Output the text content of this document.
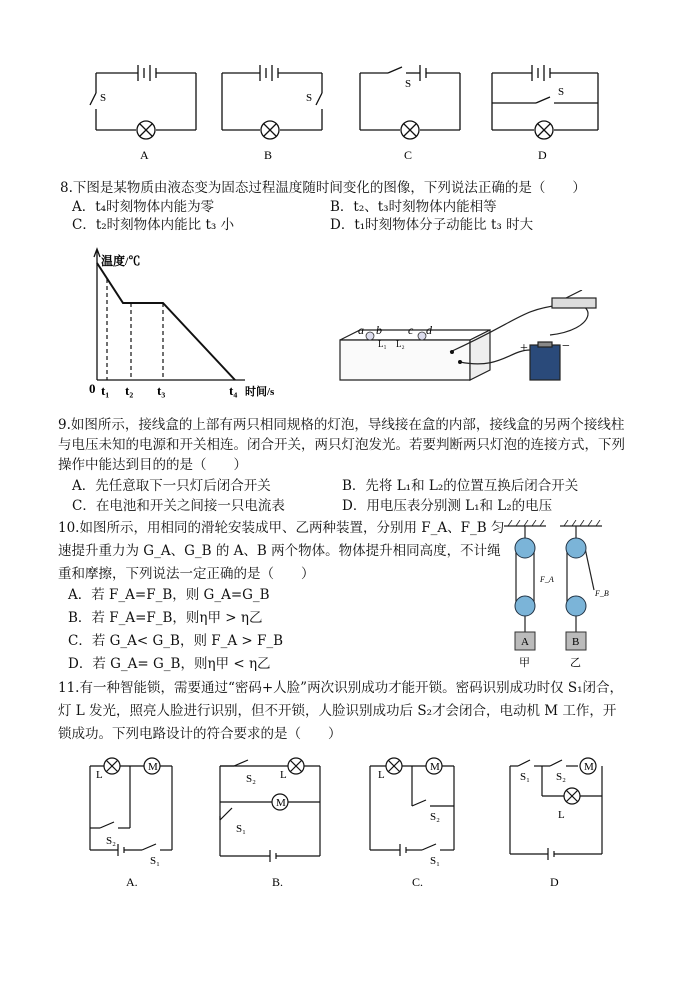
S	S
S
S
A	B	C	D
8.下图是某物质由液态变为固态过程温度随时间变化的图像，下列说法正确的是（　　）
A．t₄时刻物体内能为零	B．t₂、t₃时刻物体内能相等
C．t₂时刻物体内能比 t₃ 小	D．t₁时刻物体分子动能比 t₃ 时大
温度/℃
0 t₁ t₂ t₃	t₄ 时间/s
a b c d
L₁ L₂	+ −
9.如图所示，接线盒的上部有两只相同规格的灯泡，导线接在盒的内部，接线盒的另两个接线柱
与电压未知的电源和开关相连。闭合开关，两只灯泡发光。若要判断两只灯泡的连接方式，下列
操作中能达到目的的是（　　）
A．先任意取下一只灯后闭合开关	B．先将 L₁和 L₂的位置互换后闭合开关
C．在电池和开关之间接一只电流表	D．用电压表分别测 L₁和 L₂的电压
10.如图所示，用相同的滑轮安装成甲、乙两种装置，分别用 F_A、F_B 匀
速提升重力为 G_A、G_B 的 A、B 两个物体。物体提升相同高度，不计绳
重和摩擦，下列说法一定正确的是（　　）
A．若 F_A=F_B，则 G_A=G_B
B．若 F_A=F_B，则η甲 > η乙
C．若 G_A< G_B，则 F_A > F_B
D．若 G_A= G_B，则η甲 < η乙
F_A
F_B
A	B
甲	乙
11.有一种智能锁，需要通过“密码+人脸”两次识别成功才能开锁。密码识别成功时仅 S₁闭合，
灯 L 发光，照亮人脸进行识别，但不开锁，人脸识别成功后 S₂才会闭合，电动机 M 工作，开
锁成功。下列电路设计的符合要求的是（　　）
L
M
S₂
S₁
S₂ L
M
S₁
L
M
S₂
S₁
S₁ S₂
M
L
A.	B.	C.	D
